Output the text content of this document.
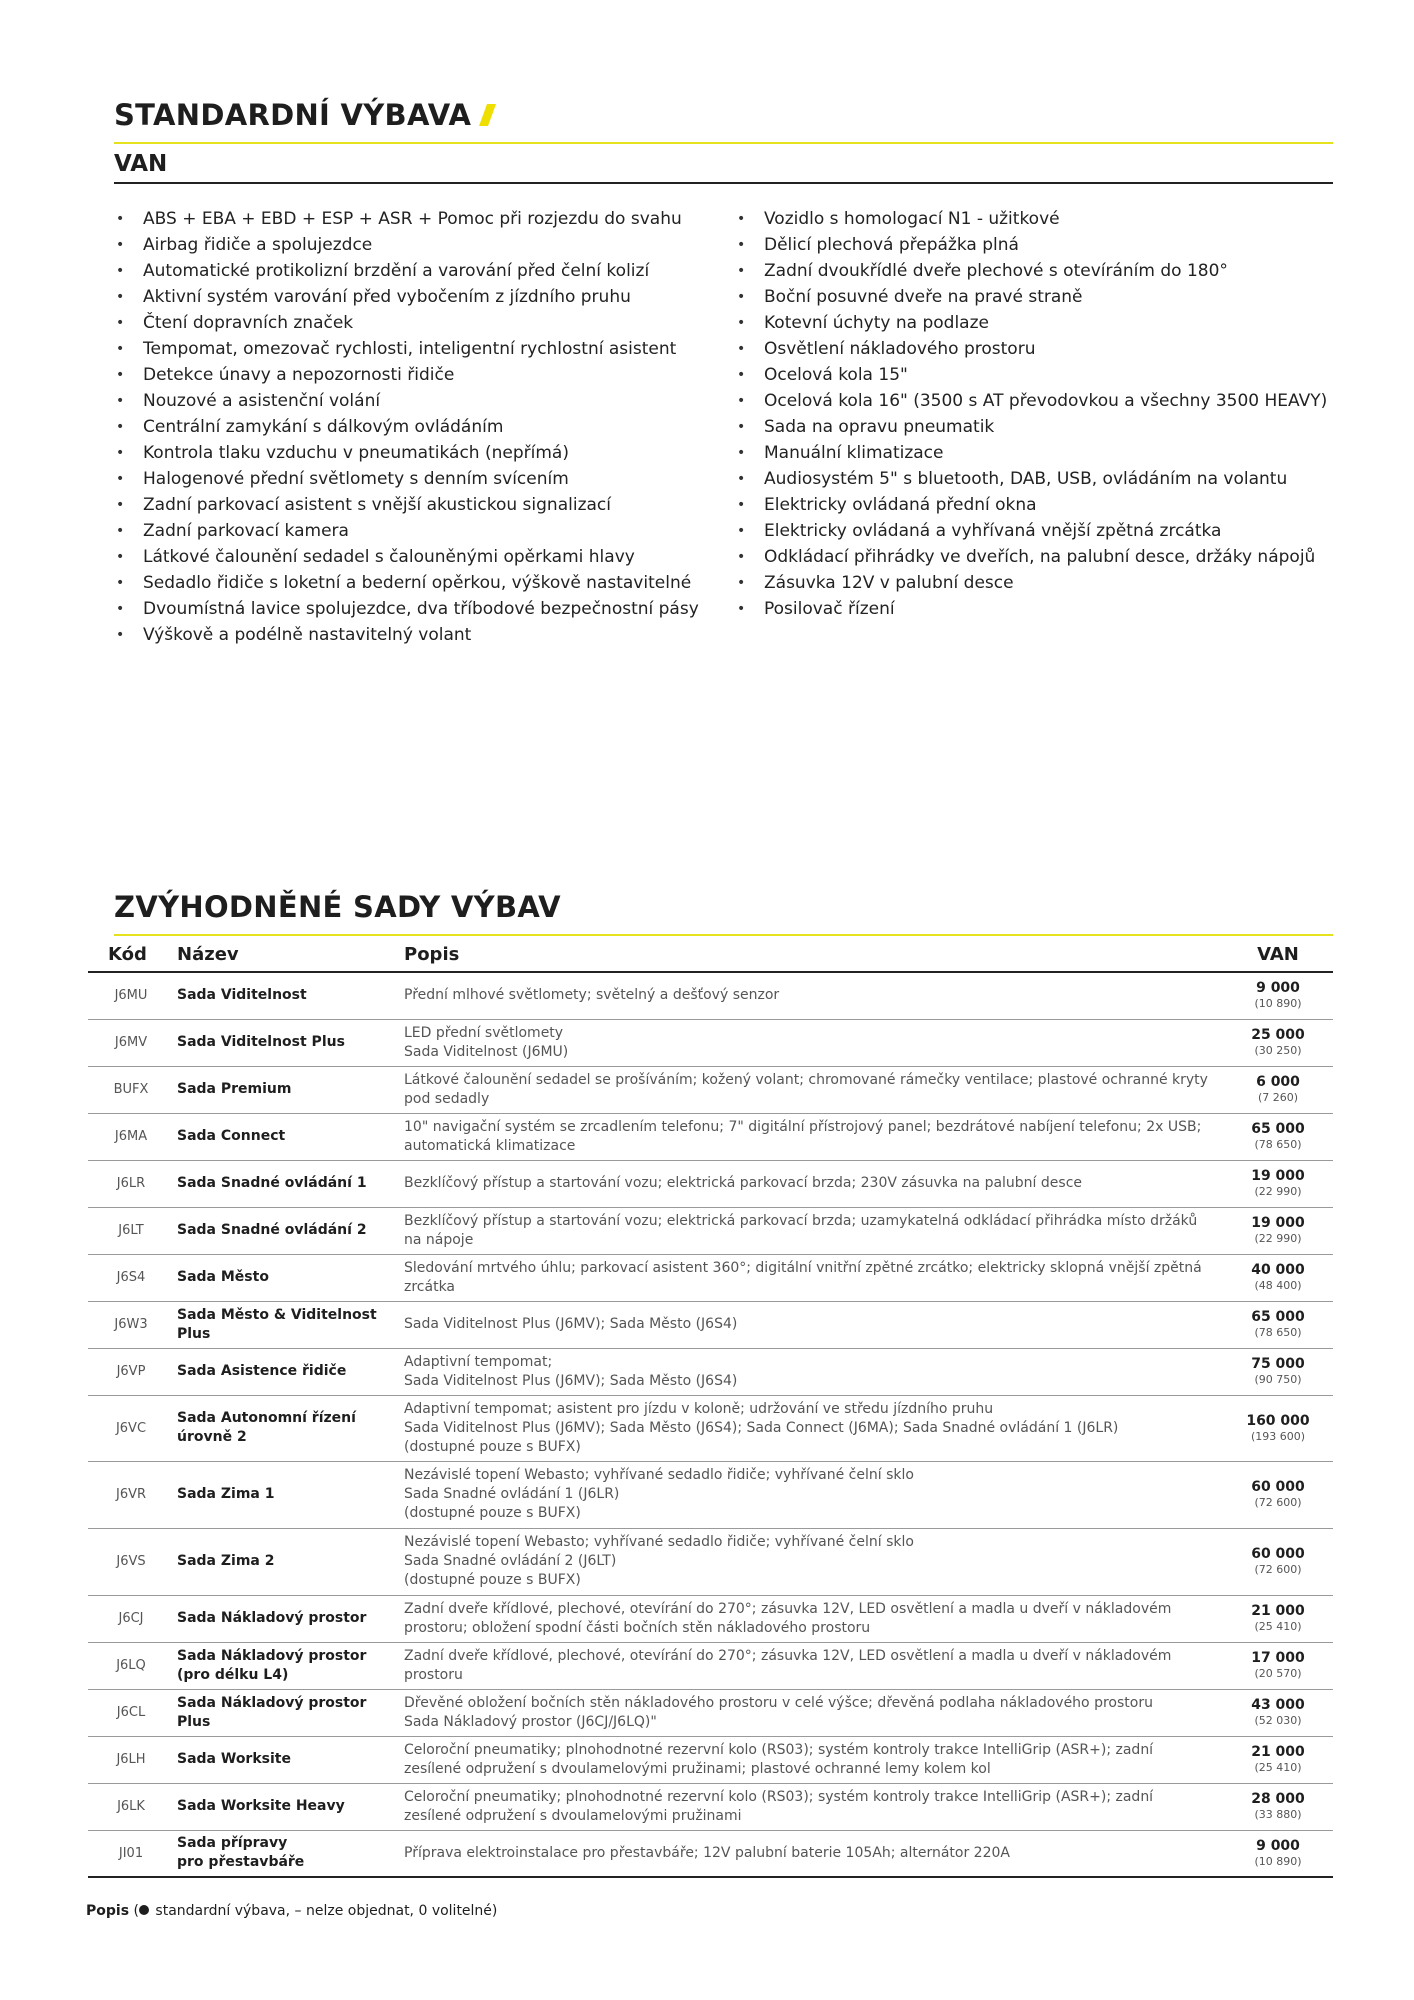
STANDARDNÍ VÝBAVA
VAN
• ABS + EBA + EBD + ESP + ASR + Pomoc při rozjezdu do svahu
• Airbag řidiče a spolujezdce
• Automatické protikolizní brzdění a varování před čelní kolizí
• Aktivní systém varování před vybočením z jízdního pruhu
• Čtení dopravních značek
• Tempomat, omezovač rychlosti, inteligentní rychlostní asistent
• Detekce únavy a nepozornosti řidiče
• Nouzové a asistenční volání
• Centrální zamykání s dálkovým ovládáním
• Kontrola tlaku vzduchu v pneumatikách (nepřímá)
• Halogenové přední světlomety s denním svícením
• Zadní parkovací asistent s vnější akustickou signalizací
• Zadní parkovací kamera
• Látkové čalounění sedadel s čalouněnými opěrkami hlavy
• Sedadlo řidiče s loketní a bederní opěrkou, výškově nastavitelné
• Dvoumístná lavice spolujezdce, dva tříbodové bezpečnostní pásy
• Výškově a podélně nastavitelný volant
• Vozidlo s homologací N1 - užitkové
• Dělicí plechová přepážka plná
• Zadní dvoukřídlé dveře plechové s otevíráním do 180°
• Boční posuvné dveře na pravé straně
• Kotevní úchyty na podlaze
• Osvětlení nákladového prostoru
• Ocelová kola 15"
• Ocelová kola 16" (3500 s AT převodovkou a všechny 3500 HEAVY)
• Sada na opravu pneumatik
• Manuální klimatizace
• Audiosystém 5" s bluetooth, DAB, USB, ovládáním na volantu
• Elektricky ovládaná přední okna
• Elektricky ovládaná a vyhřívaná vnější zpětná zrcátka
• Odkládací přihrádky ve dveřích, na palubní desce, držáky nápojů
• Zásuvka 12V v palubní desce
• Posilovač řízení
ZVÝHODNĚNÉ SADY VÝBAV
Kód	Název	Popis	VAN
J6MU	Sada Viditelnost	Přední mlhové světlomety; světelný a dešťový senzor	9 000
(10 890)

J6MV	Sada Viditelnost Plus	LED přední světlomety
Sada Viditelnost (J6MU)	25 000
(30 250)

BUFX	Sada Premium	Látkové čalounění sedadel se prošíváním; kožený volant; chromované rámečky ventilace; plastové ochranné kryty pod sedadly	6 000
(7 260)

J6MA	Sada Connect	10" navigační systém se zrcadlením telefonu; 7" digitální přístrojový panel; bezdrátové nabíjení telefonu; 2x USB; automatická klimatizace	65 000
(78 650)

J6LR	Sada Snadné ovládání 1	Bezklíčový přístup a startování vozu; elektrická parkovací brzda; 230V zásuvka na palubní desce	19 000
(22 990)

J6LT	Sada Snadné ovládání 2	Bezklíčový přístup a startování vozu; elektrická parkovací brzda; uzamykatelná odkládací přihrádka místo držáků na nápoje	19 000
(22 990)

J6S4	Sada Město	Sledování mrtvého úhlu; parkovací asistent 360°; digitální vnitřní zpětné zrcátko; elektricky sklopná vnější zpětná zrcátka	40 000
(48 400)

J6W3	Sada Město & Viditelnost Plus	Sada Viditelnost Plus (J6MV); Sada Město (J6S4)	65 000
(78 650)

J6VP	Sada Asistence řidiče	Adaptivní tempomat;
Sada Viditelnost Plus (J6MV); Sada Město (J6S4)	75 000
(90 750)

J6VC	Sada Autonomní řízení úrovně 2	Adaptivní tempomat; asistent pro jízdu v koloně; udržování ve středu jízdního pruhu
Sada Viditelnost Plus (J6MV); Sada Město (J6S4); Sada Connect (J6MA); Sada Snadné ovládání 1 (J6LR)
(dostupné pouze s BUFX)	160 000
(193 600)

J6VR	Sada Zima 1	Nezávislé topení Webasto; vyhřívané sedadlo řidiče; vyhřívané čelní sklo
Sada Snadné ovládání 1 (J6LR)
(dostupné pouze s BUFX)	60 000
(72 600)

J6VS	Sada Zima 2	Nezávislé topení Webasto; vyhřívané sedadlo řidiče; vyhřívané čelní sklo
Sada Snadné ovládání 2 (J6LT)
(dostupné pouze s BUFX)	60 000
(72 600)

J6CJ	Sada Nákladový prostor	Zadní dveře křídlové, plechové, otevírání do 270°; zásuvka 12V, LED osvětlení a madla u dveří v nákladovém prostoru; obložení spodní části bočních stěn nákladového prostoru	21 000
(25 410)

J6LQ	Sada Nákladový prostor (pro délku L4)	Zadní dveře křídlové, plechové, otevírání do 270°; zásuvka 12V, LED osvětlení a madla u dveří v nákladovém prostoru	17 000
(20 570)

J6CL	Sada Nákladový prostor Plus	Dřevěné obložení bočních stěn nákladového prostoru v celé výšce; dřevěná podlaha nákladového prostoru
Sada Nákladový prostor (J6CJ/J6LQ)"	43 000
(52 030)

J6LH	Sada Worksite	Celoroční pneumatiky; plnohodnotné rezervní kolo (RS03); systém kontroly trakce IntelliGrip (ASR+); zadní zesílené odpružení s dvoulamelovými pružinami; plastové ochranné lemy kolem kol	21 000
(25 410)

J6LK	Sada Worksite Heavy	Celoroční pneumatiky; plnohodnotné rezervní kolo (RS03); systém kontroly trakce IntelliGrip (ASR+); zadní zesílené odpružení s dvoulamelovými pružinami	28 000
(33 880)

JI01	Sada přípravy
pro přestavbáře	Příprava elektroinstalace pro přestavbáře; 12V palubní baterie 105Ah; alternátor 220A	9 000
(10 890)

Popis ( standardní výbava, – nelze objednat, 0 volitelné)
